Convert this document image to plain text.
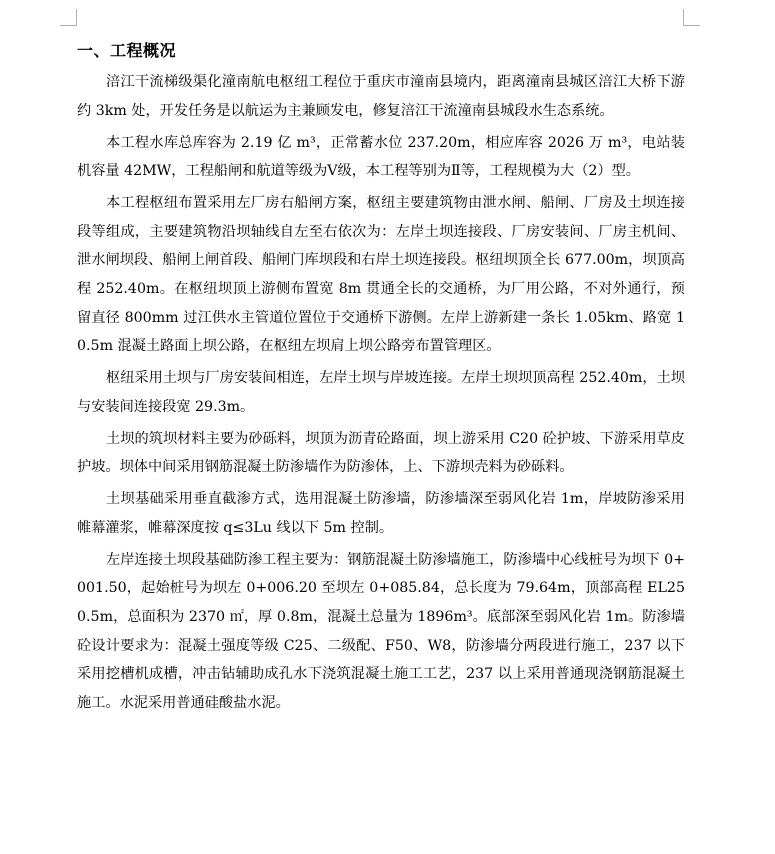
一、工程概况

涪江干流梯级渠化潼南航电枢纽工程位于重庆市潼南县境内，距离潼南县城区涪江大桥下游约 3km 处，开发任务是以航运为主兼顾发电，修复涪江干流潼南县城段水生态系统。

本工程水库总库容为 2.19 亿 m³，正常蓄水位 237.20m，相应库容 2026 万 m³，电站装机容量 42MW，工程船闸和航道等级为Ⅴ级，本工程等别为Ⅱ等，工程规模为大（2）型。

本工程枢纽布置采用左厂房右船闸方案，枢纽主要建筑物由泄水闸、船闸、厂房及土坝连接段等组成，主要建筑物沿坝轴线自左至右依次为：左岸土坝连接段、厂房安装间、厂房主机间、泄水闸坝段、船闸上闸首段、船闸门库坝段和右岸土坝连接段。枢纽坝顶全长 677.00m，坝顶高程 252.40m。在枢纽坝顶上游侧布置宽 8m 贯通全长的交通桥，为厂用公路，不对外通行，预留直径 800mm 过江供水主管道位置位于交通桥下游侧。左岸上游新建一条长 1.05km、路宽 10.5m 混凝土路面上坝公路，在枢纽左坝肩上坝公路旁布置管理区。

枢纽采用土坝与厂房安装间相连，左岸土坝与岸坡连接。左岸土坝坝顶高程 252.40m，土坝与安装间连接段宽 29.3m。

土坝的筑坝材料主要为砂砾料，坝顶为沥青砼路面，坝上游采用 C20 砼护坡、下游采用草皮护坡。坝体中间采用钢筋混凝土防渗墙作为防渗体，上、下游坝壳料为砂砾料。

土坝基础采用垂直截渗方式，选用混凝土防渗墙，防渗墙深至弱风化岩 1m，岸坡防渗采用帷幕灌浆，帷幕深度按 q≤3Lu 线以下 5m 控制。

左岸连接土坝段基础防渗工程主要为：钢筋混凝土防渗墙施工，防渗墙中心线桩号为坝下 0+001.50，起始桩号为坝左 0+006.20 至坝左 0+085.84，总长度为 79.64m，顶部高程 EL250.5m，总面积为 2370 ㎡，厚 0.8m，混凝土总量为 1896m³。底部深至弱风化岩 1m。防渗墙砼设计要求为：混凝土强度等级 C25、二级配、F50、W8，防渗墙分两段进行施工，237 以下采用挖槽机成槽，冲击钻辅助成孔水下浇筑混凝土施工工艺，237 以上采用普通现浇钢筋混凝土施工。水泥采用普通硅酸盐水泥。
